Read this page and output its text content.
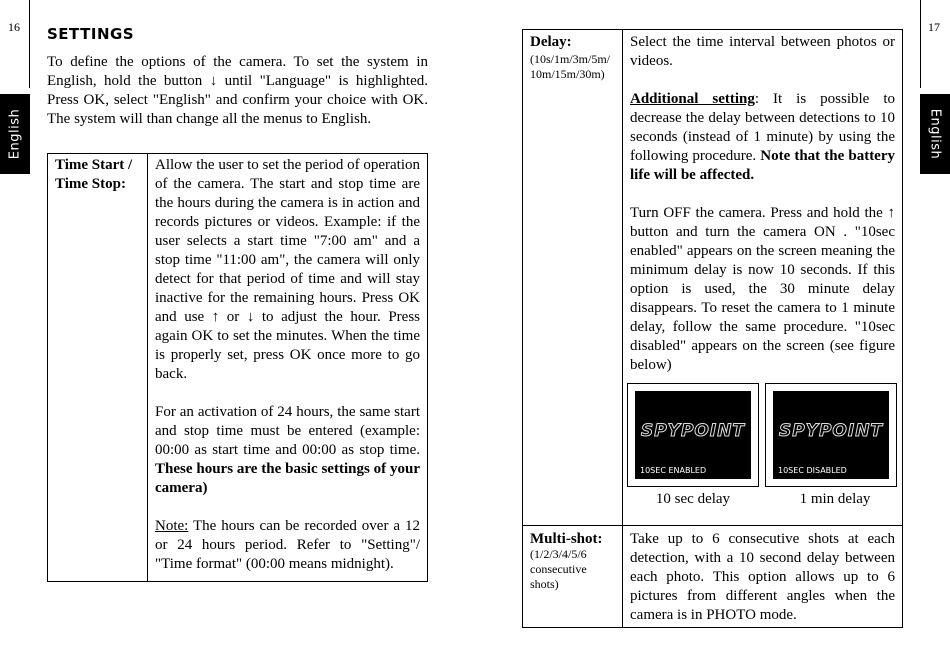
16
English
SETTINGS
To define the options of the camera. To set the system in English, hold the button ↓ until "Language" is highlighted. Press OK, select "English" and confirm your choice with OK. The system will than change all the menus to English.
Time Start / Time Stop:

Allow the user to set the period of operation of the camera. The start and stop time are the hours during the camera is in action and records pictures or videos. Example: if the user selects a start time "7:00 am" and a stop time "11:00 am", the camera will only detect for that period of time and will stay inactive for the remaining hours. Press OK and use ↑ or ↓ to adjust the hour. Press again OK to set the minutes. When the time is properly set, press OK once more to go back.

For an activation of 24 hours, the same start and stop time must be entered (example: 00:00 as start time and 00:00 as stop time. These hours are the basic settings of your camera)

Note: The hours can be recorded over a 12 or 24 hours period. Refer to "Setting"/ "Time format" (00:00 means midnight).

17
English
Delay:
(10s/1m/3m/5m/ 10m/15m/30m)

Select the time interval between photos or videos.

Additional setting: It is possible to decrease the delay between detections to 10 seconds (instead of 1 minute) by using the following procedure. Note that the battery life will be affected.

Turn OFF the camera. Press and hold the ↑ button and turn the camera ON . "10sec enabled" appears on the screen meaning the minimum delay is now 10 seconds. If this option is used, the 30 minute delay disappears. To reset the camera to 1 minute delay, follow the same procedure. "10sec disabled" appears on the screen (see figure below)

SPYPOINT
10SEC ENABLED
SPYPOINT
10SEC DISABLED
10 sec delay	1 min delay
Multi-shot:
(1/2/3/4/5/6 consecutive shots)
Take up to 6 consecutive shots at each detection, with a 10 second delay between each photo. This option allows up to 6 pictures from different angles when the camera is in PHOTO mode.
